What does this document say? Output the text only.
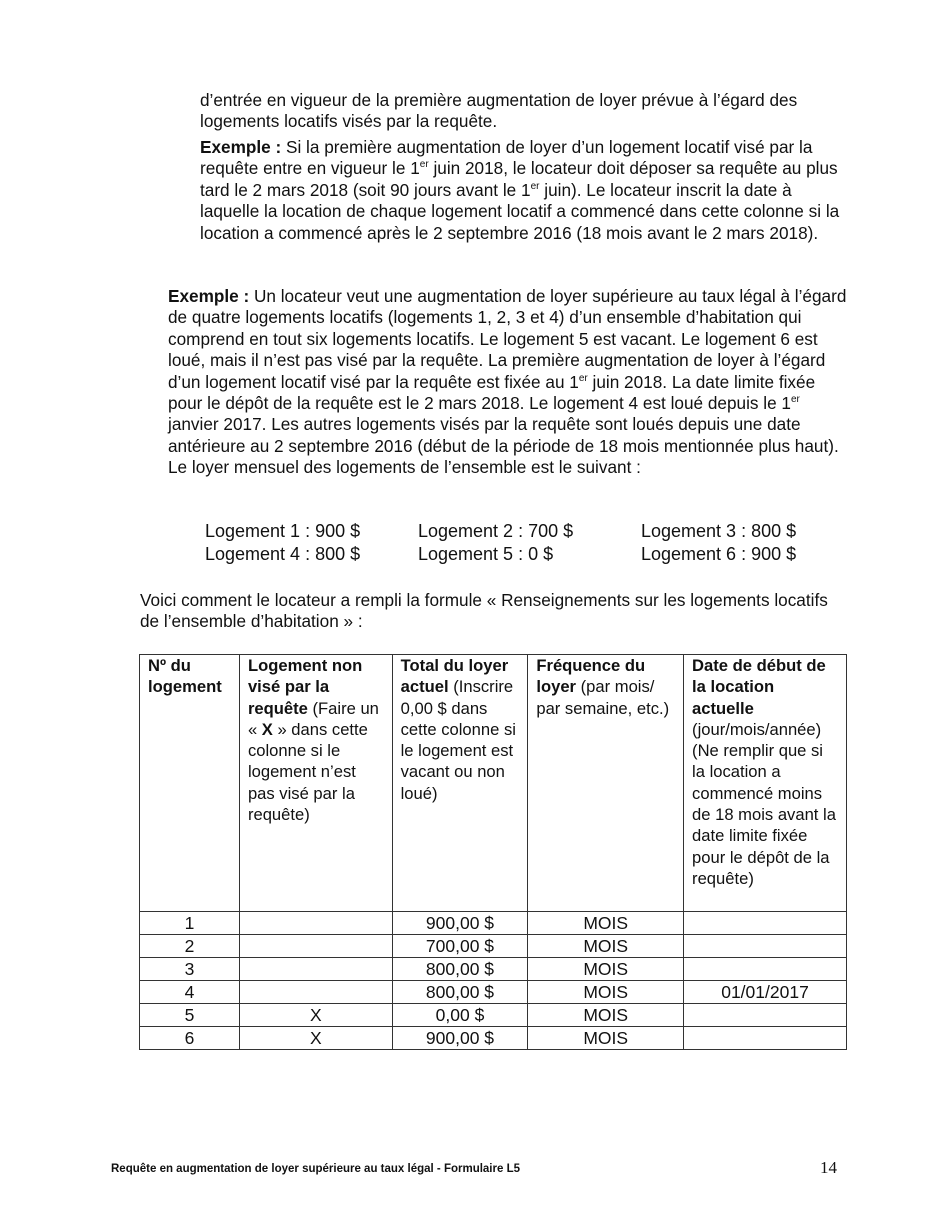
d’entrée en vigueur de la première augmentation de loyer prévue à l’égard des logements locatifs visés par la requête.

Exemple : Si la première augmentation de loyer d’un logement locatif visé par la requête entre en vigueur le 1er juin 2018, le locateur doit déposer sa requête au plus tard le 2 mars 2018 (soit 90 jours avant le 1er juin). Le locateur inscrit la date à laquelle la location de chaque logement locatif a commencé dans cette colonne si la location a commencé après le 2 septembre 2016 (18 mois avant le 2 mars 2018).

Exemple : Un locateur veut une augmentation de loyer supérieure au taux légal à l’égard de quatre logements locatifs (logements 1, 2, 3 et 4) d’un ensemble d’habitation qui comprend en tout six logements locatifs. Le logement 5 est vacant. Le logement 6 est loué, mais il n’est pas visé par la requête. La première augmentation de loyer à l’égard d’un logement locatif visé par la requête est fixée au 1er juin 2018. La date limite fixée pour le dépôt de la requête est le 2 mars 2018. Le logement 4 est loué depuis le 1er janvier 2017. Les autres logements visés par la requête sont loués depuis une date antérieure au 2 septembre 2016 (début de la période de 18 mois mentionnée plus haut). Le loyer mensuel des logements de l’ensemble est le suivant :

Logement 1 : 900 $	Logement 2 : 700 $	Logement 3 : 800 $
Logement 4 : 800 $	Logement 5 : 0 $	Logement 6 : 900 $

Voici comment le locateur a rempli la formule « Renseignements sur les logements locatifs de l’ensemble d’habitation » :

Nº du logement	Logement non visé par la requête (Faire un « X » dans cette colonne si le logement n’est pas visé par la requête)	Total du loyer actuel (Inscrire 0,00 $ dans cette colonne si le logement est vacant ou non loué)	Fréquence du loyer (par mois/ par semaine, etc.)	Date de début de la location actuelle (jour/mois/année) (Ne remplir que si la location a commencé moins de 18 mois avant la date limite fixée pour le dépôt de la requête)
1		900,00 $	MOIS	
2		700,00 $	MOIS	
3		800,00 $	MOIS	
4		800,00 $	MOIS	01/01/2017
5	X	0,00 $	MOIS	
6	X	900,00 $	MOIS	
Requête en augmentation de loyer supérieure au taux légal - Formulaire L5	14
